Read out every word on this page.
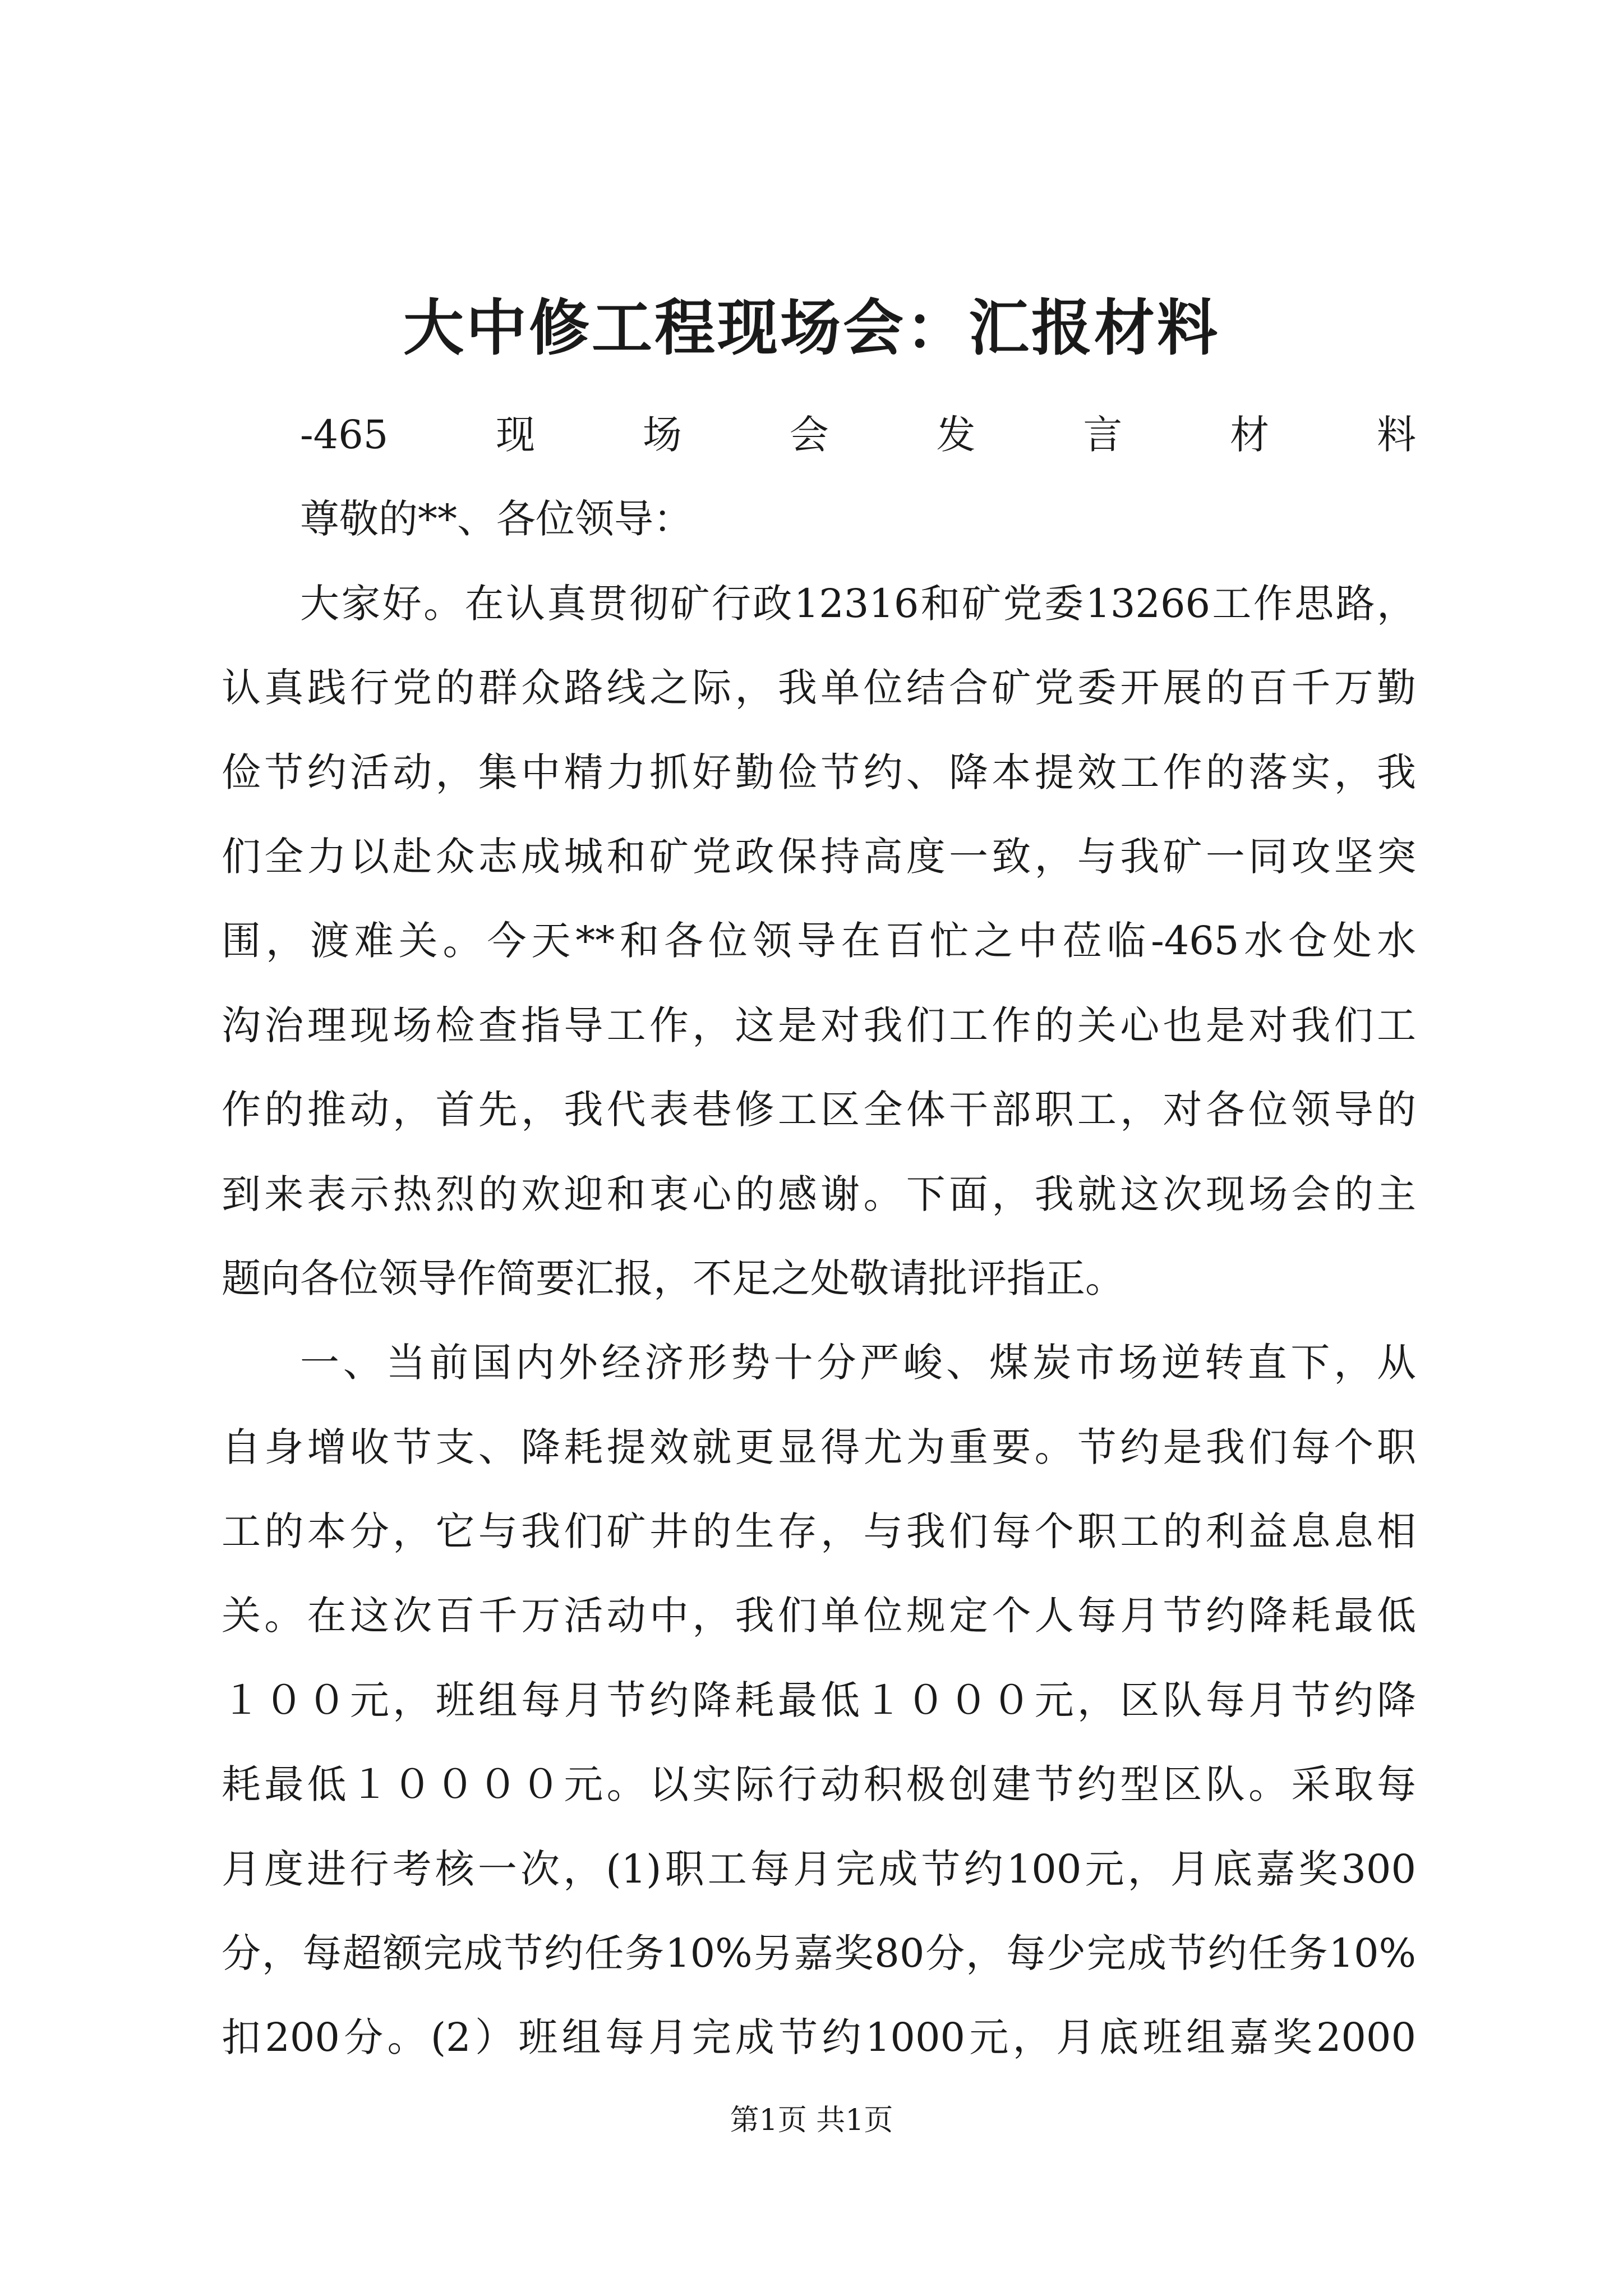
大中修工程现场会：汇报材料
-465现场会发言材料
尊敬的**、各位领导：
大家好。在认真贯彻矿行政12316和矿党委13266工作思路，
认真践行党的群众路线之际，我单位结合矿党委开展的百千万勤
俭节约活动，集中精力抓好勤俭节约、降本提效工作的落实，我
们全力以赴众志成城和矿党政保持高度一致，与我矿一同攻坚突
围，渡难关。今天**和各位领导在百忙之中莅临-465水仓处水
沟治理现场检查指导工作，这是对我们工作的关心也是对我们工
作的推动，首先，我代表巷修工区全体干部职工，对各位领导的
到来表示热烈的欢迎和衷心的感谢。下面，我就这次现场会的主
题向各位领导作简要汇报，不足之处敬请批评指正。
一、当前国内外经济形势十分严峻、煤炭市场逆转直下，从
自身增收节支、降耗提效就更显得尤为重要。节约是我们每个职
工的本分，它与我们矿井的生存，与我们每个职工的利益息息相
关。在这次百千万活动中，我们单位规定个人每月节约降耗最低
１００元，班组每月节约降耗最低１０００元，区队每月节约降
耗最低１００００元。以实际行动积极创建节约型区队。采取每
月度进行考核一次，(1)职工每月完成节约100元，月底嘉奖300
分，每超额完成节约任务10%另嘉奖80分，每少完成节约任务10%
扣200分。(2）班组每月完成节约1000元，月底班组嘉奖2000
第1页 共1页
